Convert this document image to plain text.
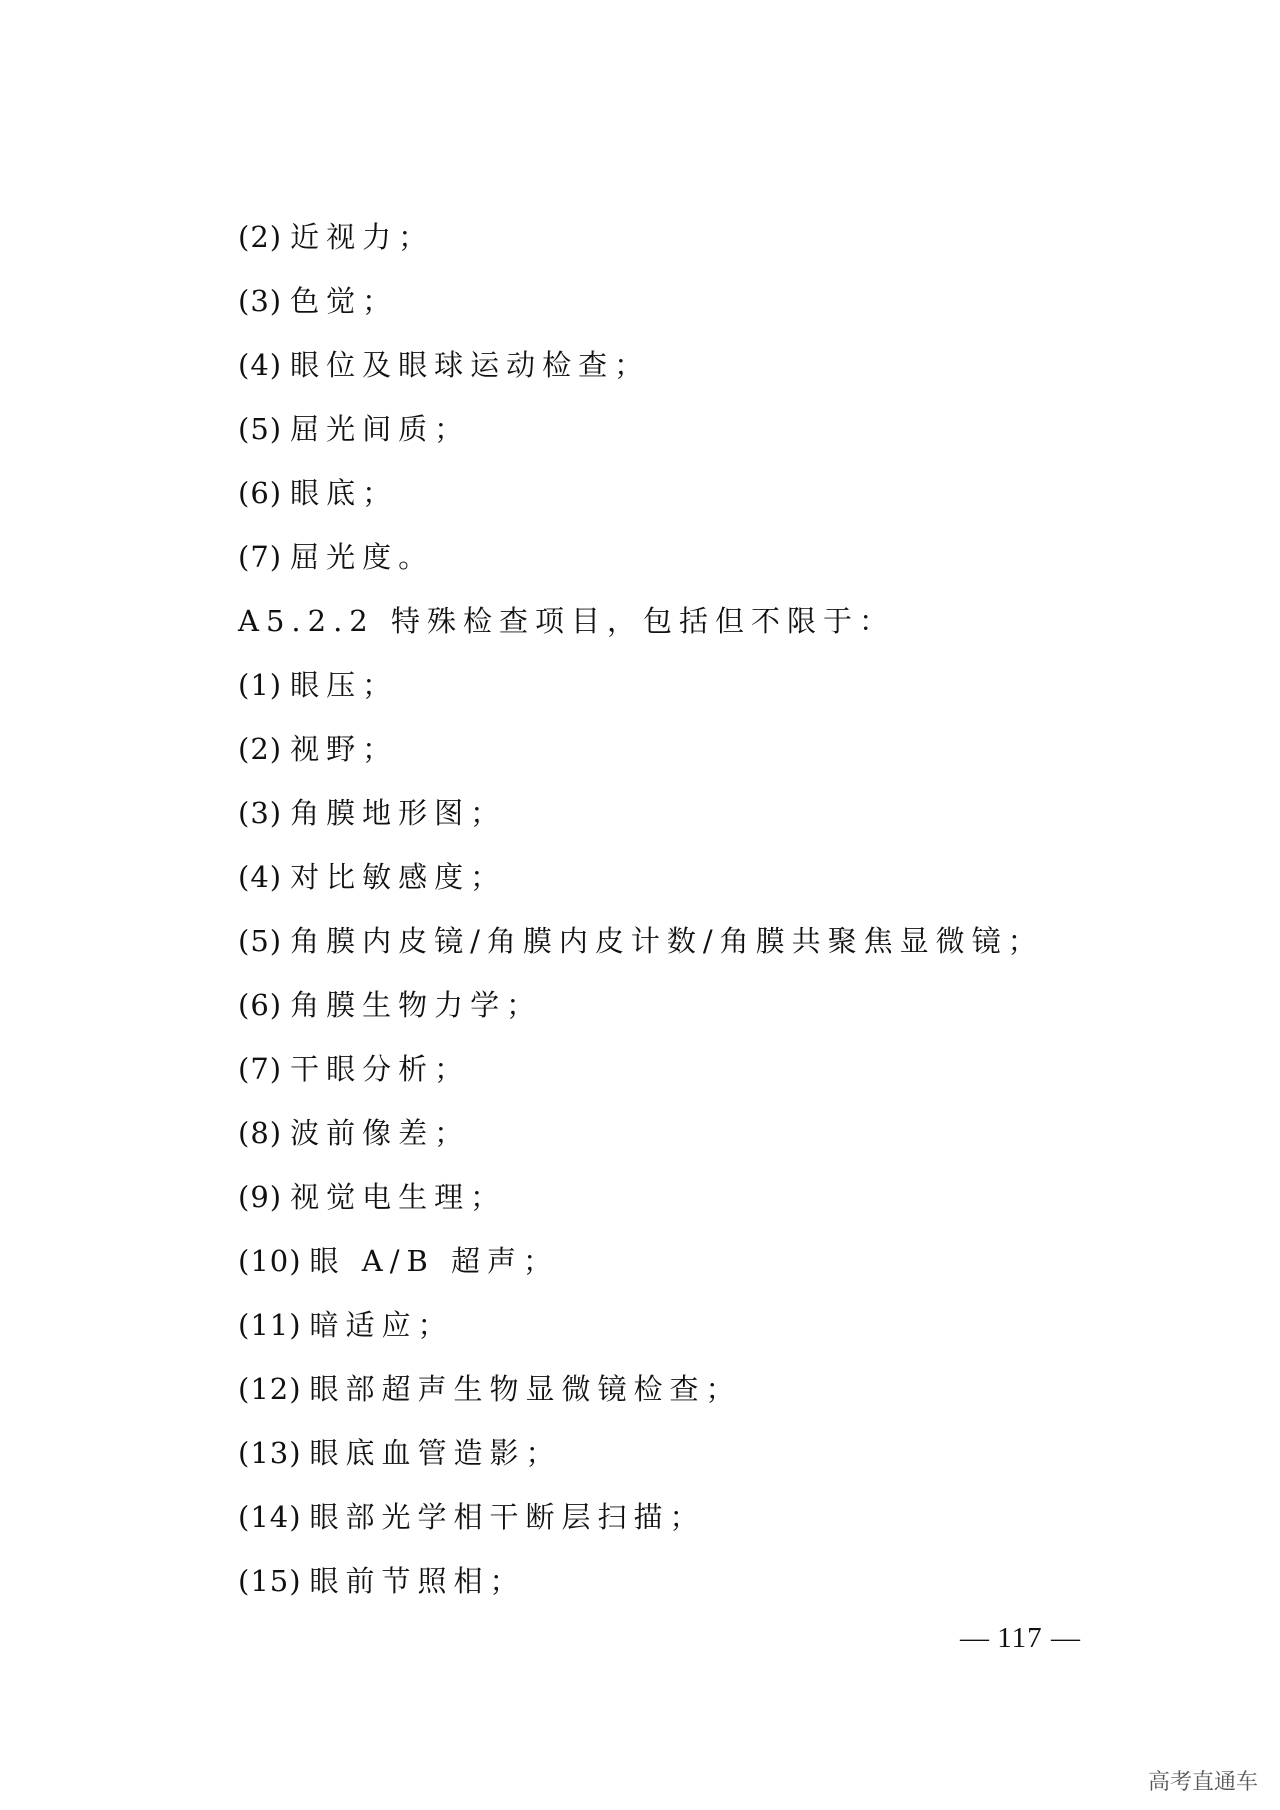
(2) 近视力；
(3) 色觉；
(4) 眼位及眼球运动检查；
(5) 屈光间质；
(6) 眼底；
(7) 屈光度。
A5.2.2 特殊检查项目，包括但不限于：
(1) 眼压；
(2) 视野；
(3) 角膜地形图；
(4) 对比敏感度；
(5) 角膜内皮镜/角膜内皮计数/角膜共聚焦显微镜；
(6) 角膜生物力学；
(7) 干眼分析；
(8) 波前像差；
(9) 视觉电生理；
(10) 眼 A/B 超声；
(11) 暗适应；
(12) 眼部超声生物显微镜检查；
(13) 眼底血管造影；
(14) 眼部光学相干断层扫描；
(15) 眼前节照相；
— 117 —
高考直通车
